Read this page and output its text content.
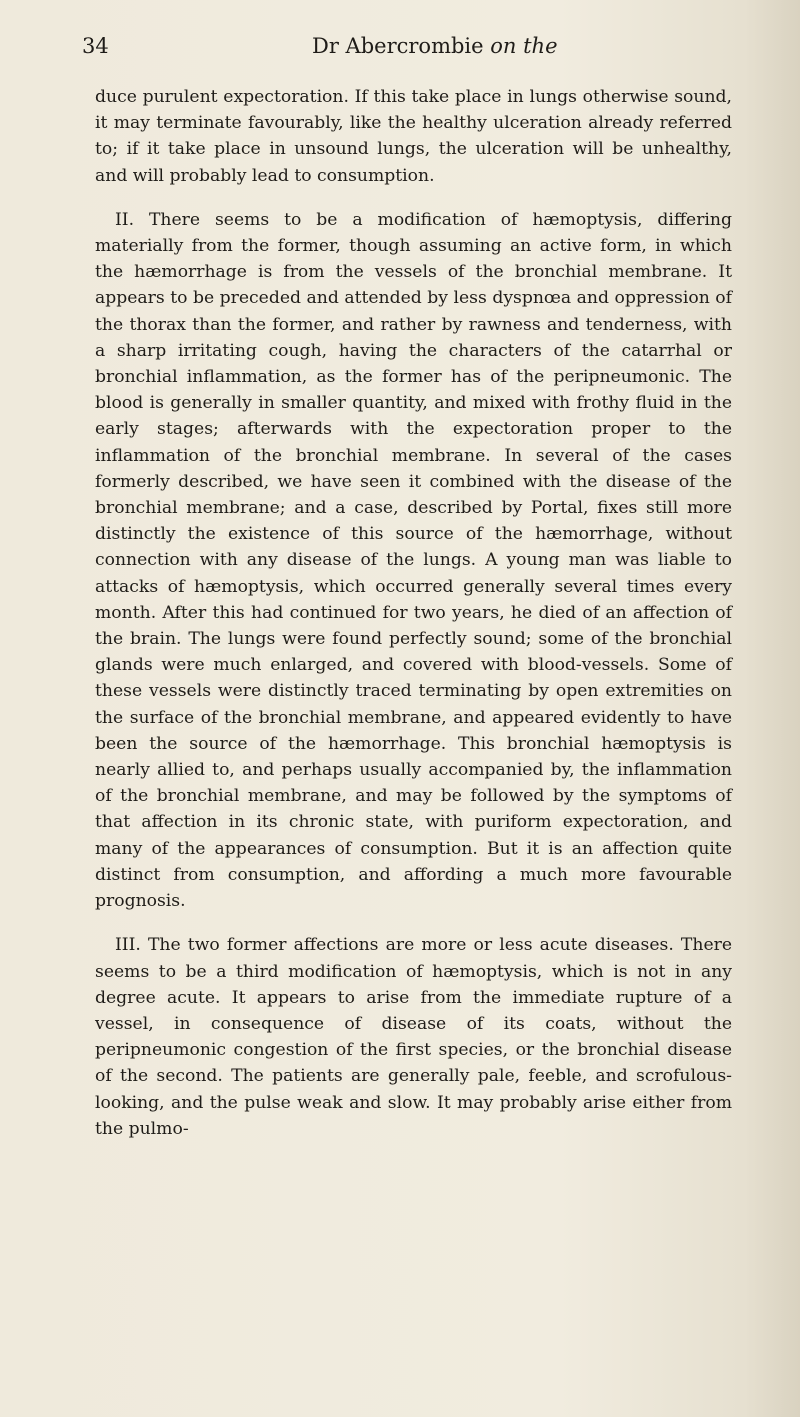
34	Dr Abercrombie on the

duce purulent expectoration. If this take place in lungs otherwise sound, it may terminate favourably, like the healthy ulceration already referred to; if it take place in unsound lungs, the ulceration will be unhealthy, and will probably lead to consumption.

II. There seems to be a modification of hæmoptysis, differing materially from the former, though assuming an active form, in which the hæmorrhage is from the vessels of the bronchial membrane. It appears to be preceded and attended by less dyspnœa and oppression of the thorax than the former, and rather by rawness and tenderness, with a sharp irritating cough, having the characters of the catarrhal or bronchial inflammation, as the former has of the peripneumonic. The blood is generally in smaller quantity, and mixed with frothy fluid in the early stages; afterwards with the expectoration proper to the inflammation of the bronchial membrane. In several of the cases formerly described, we have seen it combined with the disease of the bronchial membrane; and a case, described by Portal, fixes still more distinctly the existence of this source of the hæmorrhage, without connection with any disease of the lungs. A young man was liable to attacks of hæmoptysis, which occurred generally several times every month. After this had continued for two years, he died of an affection of the brain. The lungs were found perfectly sound; some of the bronchial glands were much enlarged, and covered with blood-vessels. Some of these vessels were distinctly traced terminating by open extremities on the surface of the bronchial membrane, and appeared evidently to have been the source of the hæmorrhage. This bronchial hæmoptysis is nearly allied to, and perhaps usually accompanied by, the inflammation of the bronchial membrane, and may be followed by the symptoms of that affection in its chronic state, with puriform expectoration, and many of the appearances of consumption. But it is an affection quite distinct from consumption, and affording a much more favourable prognosis.

III. The two former affections are more or less acute diseases. There seems to be a third modification of hæmoptysis, which is not in any degree acute. It appears to arise from the immediate rupture of a vessel, in consequence of disease of its coats, without the peripneumonic congestion of the first species, or the bronchial disease of the second. The patients are generally pale, feeble, and scrofulous-looking, and the pulse weak and slow. It may probably arise either from the pulmo-
